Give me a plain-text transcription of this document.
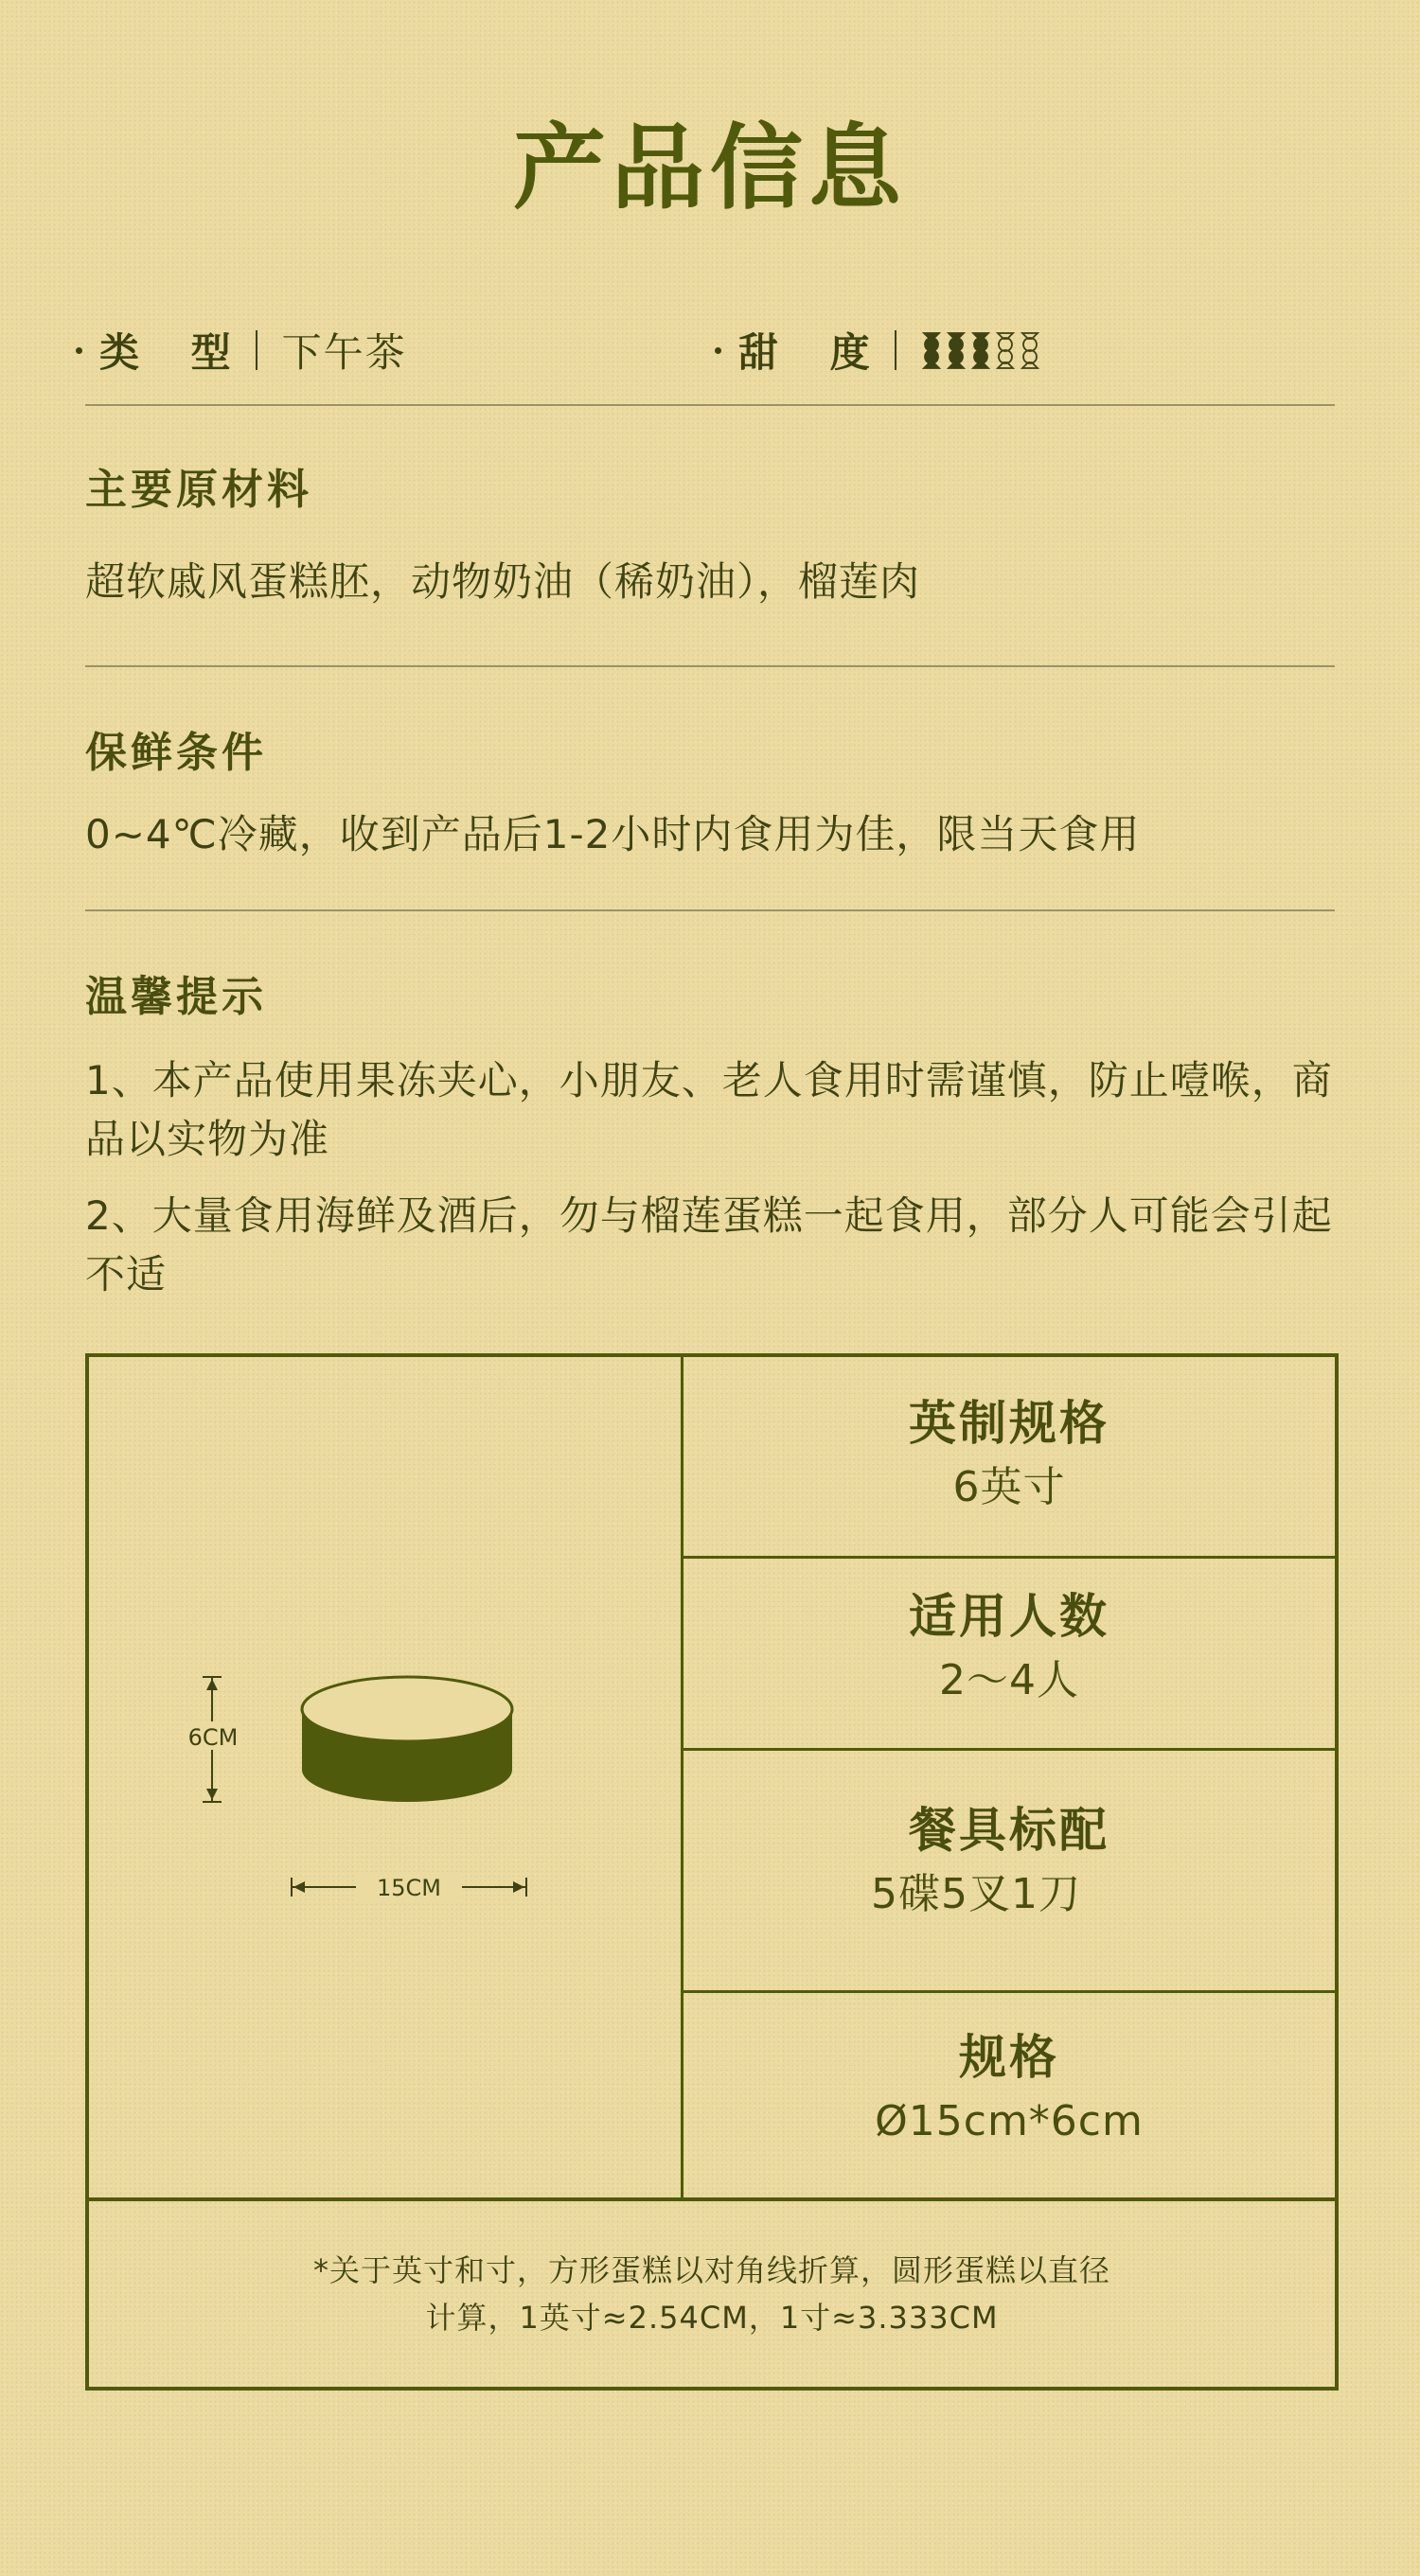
产品信息
类 型 下午茶	甜 度
主要原材料
超软戚风蛋糕胚，动物奶油（稀奶油），榴莲肉
保鲜条件
0~4℃冷藏，收到产品后1-2小时内食用为佳，限当天食用
温馨提示
1、本产品使用果冻夹心，小朋友、老人食用时需谨慎，防止噎喉，商品以实物为准
2、大量食用海鲜及酒后，勿与榴莲蛋糕一起食用，部分人可能会引起不适
6CM
15CM
英制规格
6英寸
适用人数
2～4人
餐具标配
5碟5叉1刀
规格
Ø15cm*6cm
*关于英寸和寸，方形蛋糕以对角线折算，圆形蛋糕以直径
计算，1英寸≈2.54CM，1寸≈3.333CM
